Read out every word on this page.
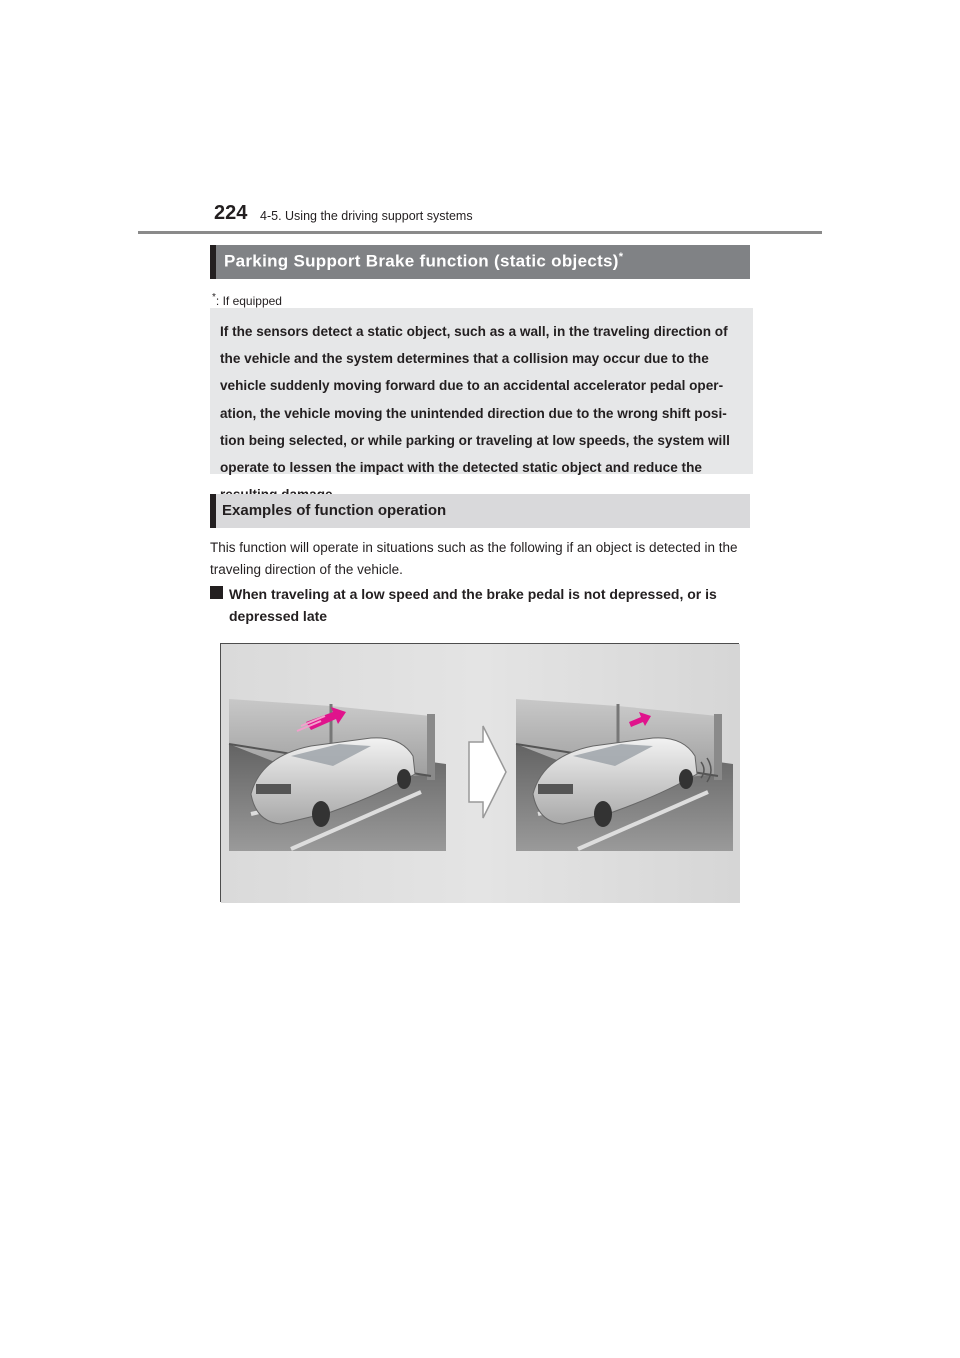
224 4-5. Using the driving support systems
Parking Support Brake function (static objects)*
*: If equipped

If the sensors detect a static object, such as a wall, in the traveling direction of the vehicle and the system determines that a collision may occur due to the vehicle suddenly moving forward due to an accidental accelerator pedal oper-ation, the vehicle moving the unintended direction due to the wrong shift posi-tion being selected, or while parking or traveling at low speeds, the system will operate to lessen the impact with the detected static object and reduce the

Examples of function operation

This function will operate in situations such as the following if an object is detected in the traveling direction of the vehicle.

When traveling at a low speed and the brake pedal is not depressed, or is depressed late
